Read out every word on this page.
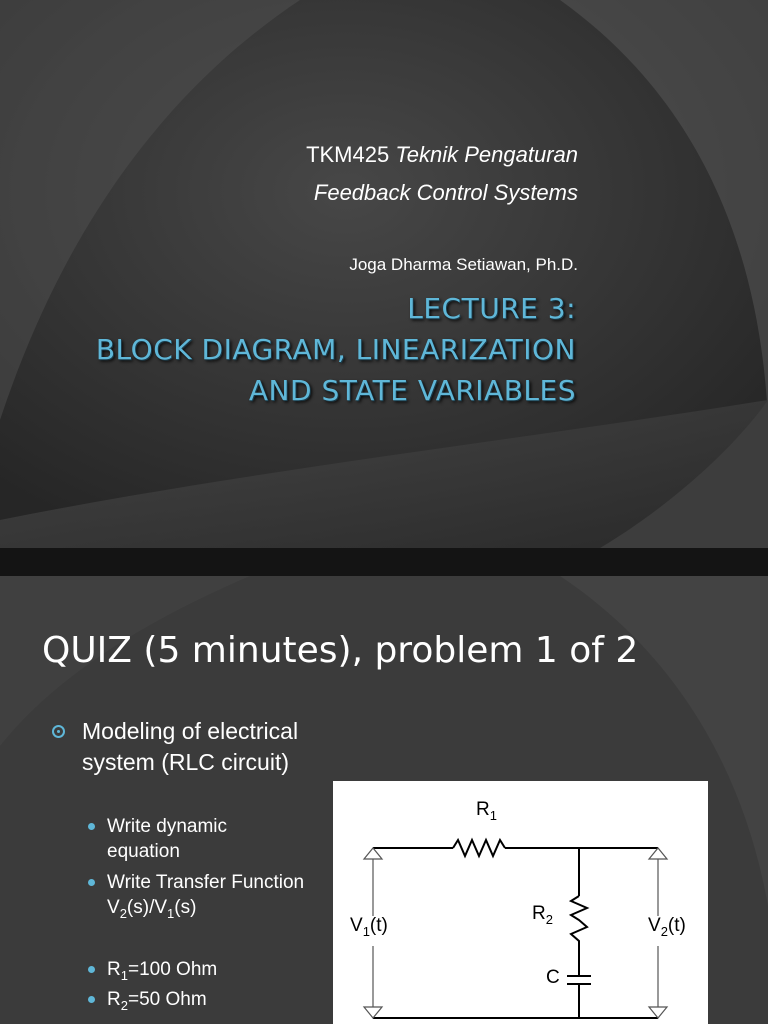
TKM425 Teknik Pengaturan
Feedback Control Systems
Joga Dharma Setiawan, Ph.D.
LECTURE 3:
BLOCK DIAGRAM, LINEARIZATION
AND STATE VARIABLES
QUIZ (5 minutes), problem 1 of 2
Modeling of electrical system (RLC circuit)
Write dynamic equation
Write Transfer Function $V_2(s)/V_1(s)$
$R_1=100$ Ohm
$R_2=50$ Ohm
$R_1$
$R_2$
C
$V_1(t)$	$V_2(t)$
